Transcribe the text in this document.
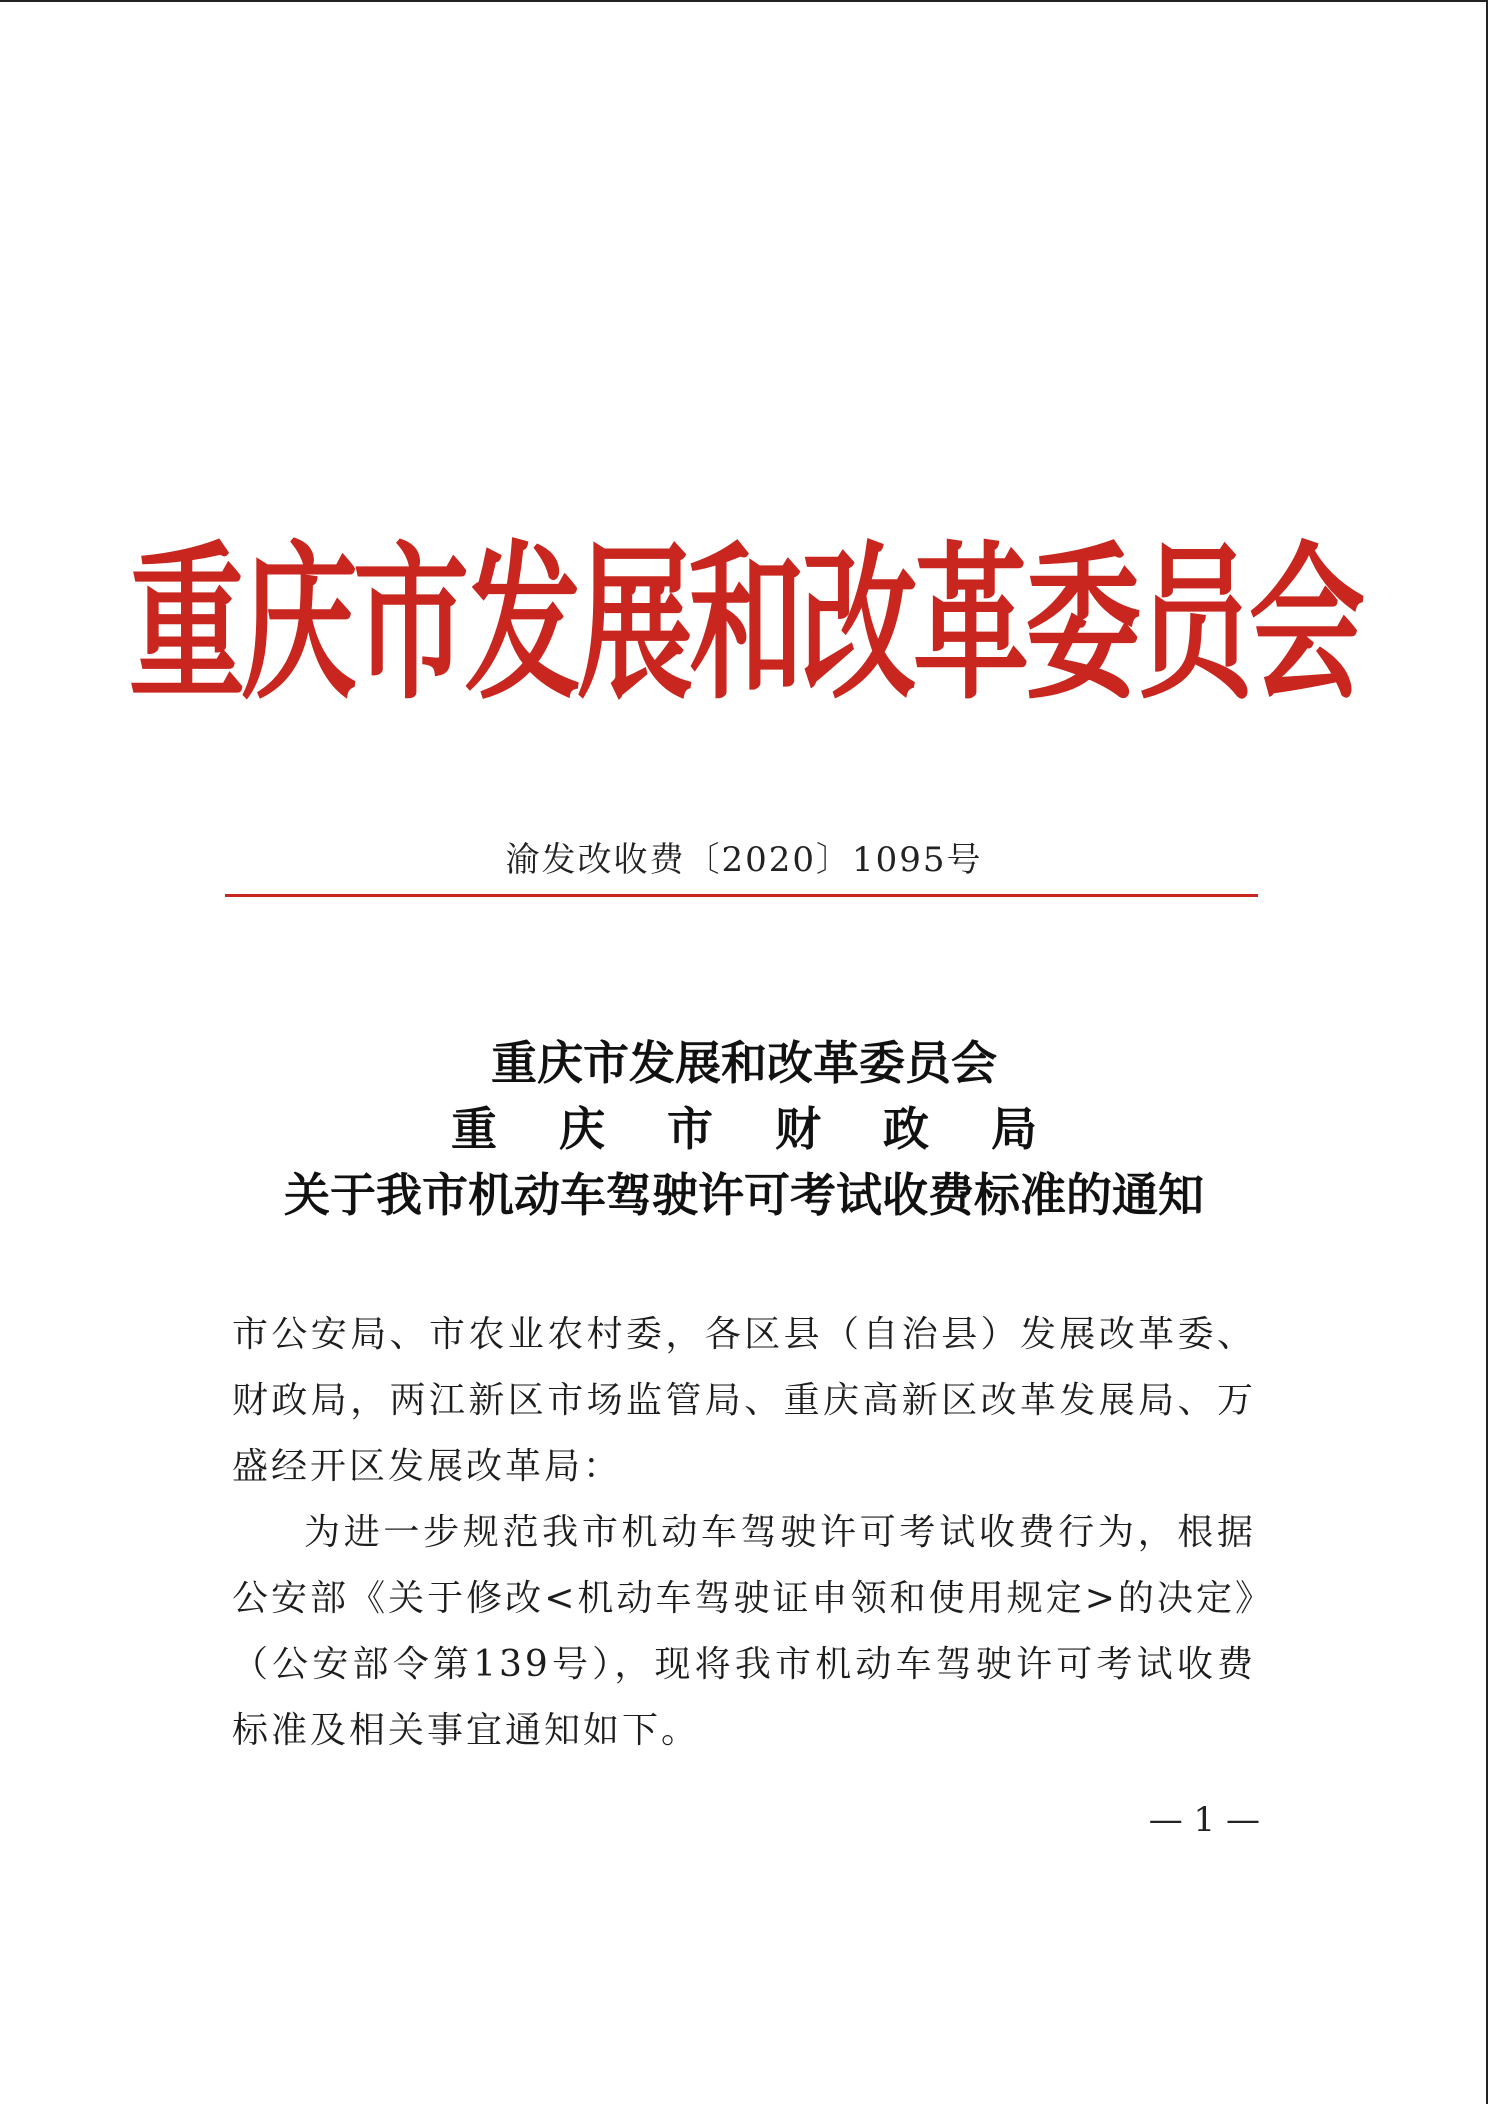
重庆市发展和改革委员会
渝发改收费〔2020〕1095号
重庆市发展和改革委员会
重庆市财政局
关于我市机动车驾驶许可考试收费标准的通知

市公安局、市农业农村委，各区县（自治县）发展改革委、财政局，两江新区市场监管局、重庆高新区改革发展局、万盛经开区发展改革局：

为进一步规范我市机动车驾驶许可考试收费行为，根据公安部《关于修改<机动车驾驶证申领和使用规定>的决定》（公安部令第139号），现将我市机动车驾驶许可考试收费标准及相关事宜通知如下。

— 1 —
